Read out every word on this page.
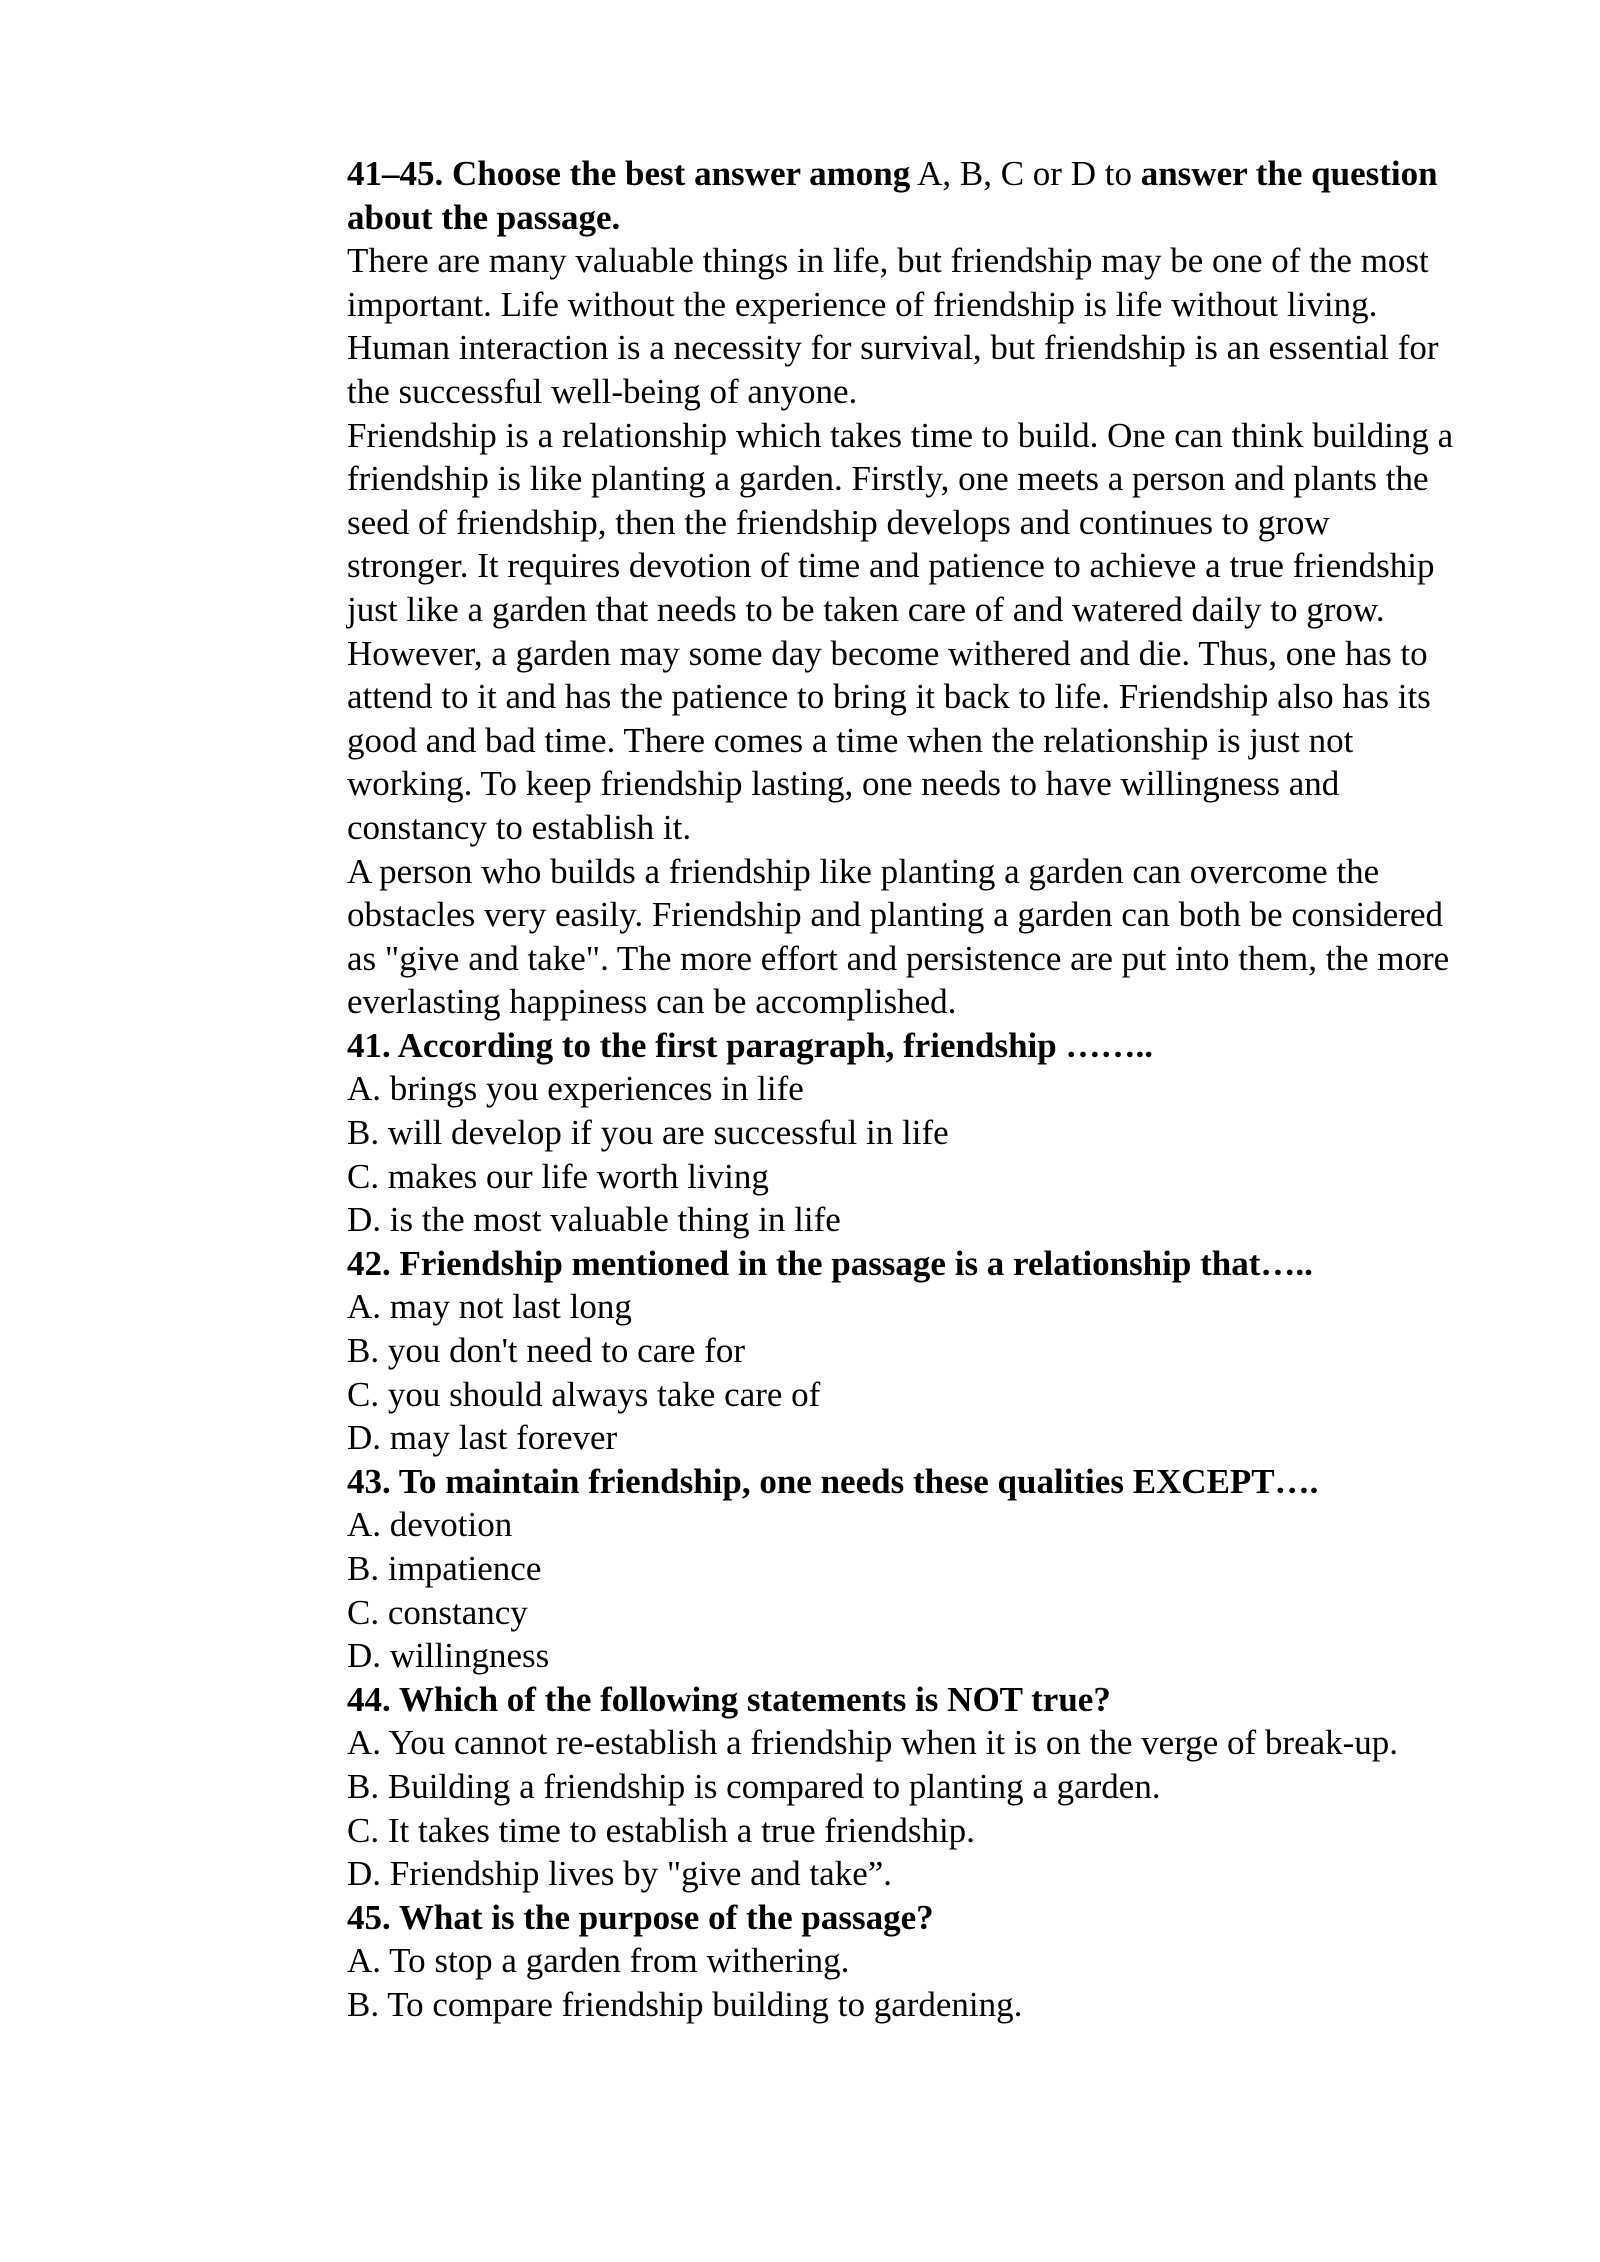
41–45. Choose the best answer among A, B, C or D to answer the question about the passage.

There are many valuable things in life, but friendship may be one of the most important. Life without the experience of friendship is life without living. Human interaction is a necessity for survival, but friendship is an essential for the successful well-being of anyone.

Friendship is a relationship which takes time to build. One can think building a friendship is like planting a garden. Firstly, one meets a person and plants the seed of friendship, then the friendship develops and continues to grow stronger. It requires devotion of time and patience to achieve a true friendship just like a garden that needs to be taken care of and watered daily to grow. However, a garden may some day become withered and die. Thus, one has to attend to it and has the patience to bring it back to life. Friendship also has its good and bad time. There comes a time when the relationship is just not working. To keep friendship lasting, one needs to have willingness and constancy to establish it.

A person who builds a friendship like planting a garden can overcome the obstacles very easily. Friendship and planting a garden can both be considered as "give and take". The more effort and persistence are put into them, the more everlasting happiness can be accomplished.

41. According to the first paragraph, friendship ……..

A. brings you experiences in life

B. will develop if you are successful in life

C. makes our life worth living

D. is the most valuable thing in life

42. Friendship mentioned in the passage is a relationship that…..

A. may not last long

B. you don't need to care for

C. you should always take care of

D. may last forever

43. To maintain friendship, one needs these qualities EXCEPT….

A. devotion

B. impatience

C. constancy

D. willingness

44. Which of the following statements is NOT true?

A. You cannot re-establish a friendship when it is on the verge of break-up.

B. Building a friendship is compared to planting a garden.

C. It takes time to establish a true friendship.

D. Friendship lives by "give and take”.

45. What is the purpose of the passage?

A. To stop a garden from withering.

B. To compare friendship building to gardening.
